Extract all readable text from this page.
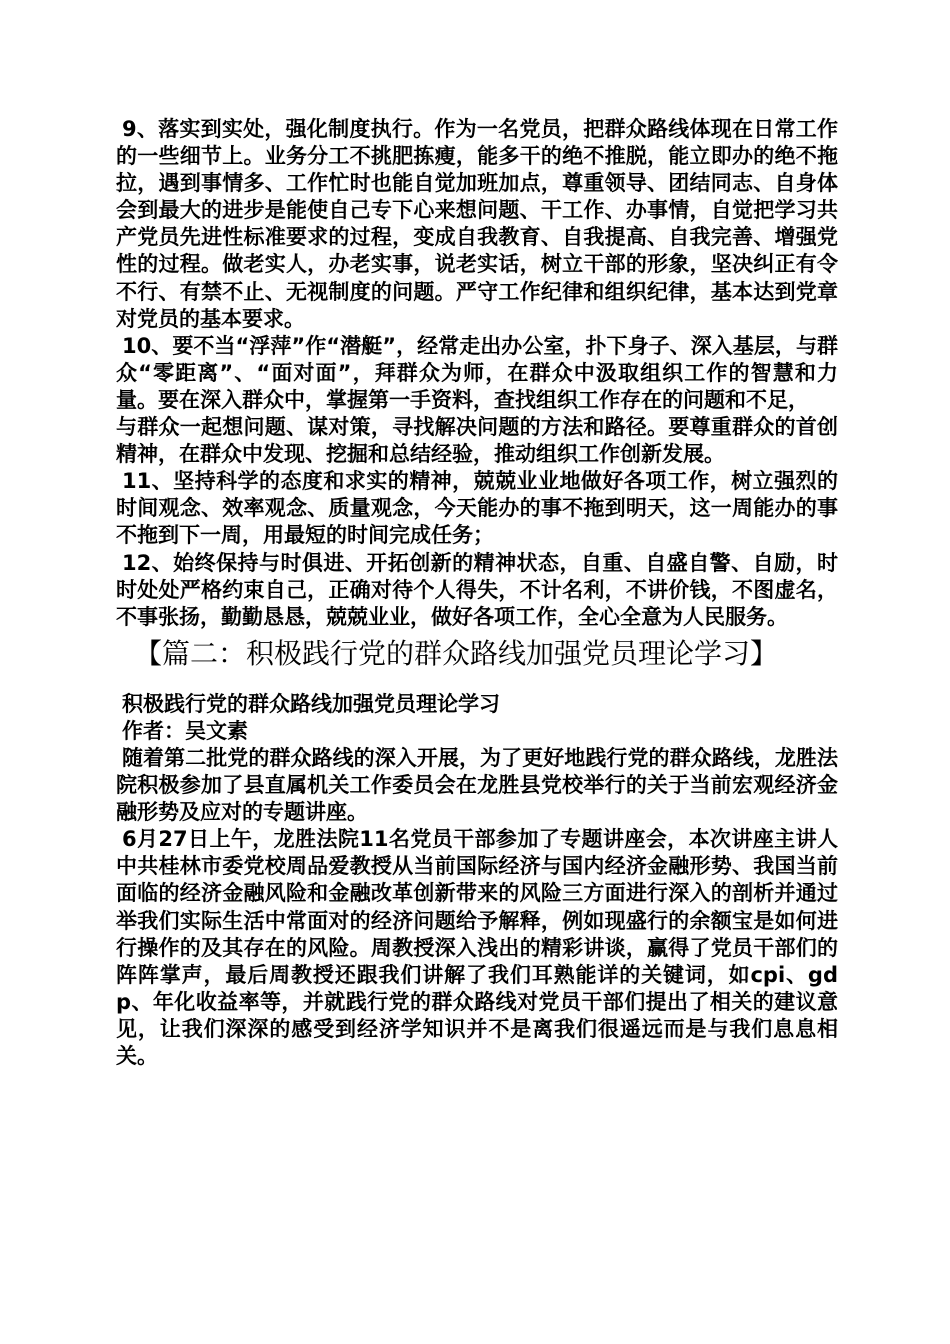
9、落实到实处，强化制度执行。作为一名党员，把群众路线体现在日常工作的一些细节上。业务分工不挑肥拣瘦，能多干的绝不推脱，能立即办的绝不拖拉，遇到事情多、工作忙时也能自觉加班加点，尊重领导、团结同志、自身体会到最大的进步是能使自己专下心来想问题、干工作、办事情，自觉把学习共产党员先进性标准要求的过程，变成自我教育、自我提高、自我完善、增强党性的过程。做老实人，办老实事，说老实话，树立干部的形象，坚决纠正有令不行、有禁不止、无视制度的问题。严守工作纪律和组织纪律，基本达到党章对党员的基本要求。

10、要不当“浮萍”作“潜艇”，经常走出办公室，扑下身子、深入基层，与群众“零距离”、“面对面”，拜群众为师，在群众中汲取组织工作的智慧和力量。要在深入群众中，掌握第一手资料，查找组织工作存在的问题和不足，

与群众一起想问题、谋对策，寻找解决问题的方法和路径。要尊重群众的首创精神，在群众中发现、挖掘和总结经验，推动组织工作创新发展。

11、坚持科学的态度和求实的精神，兢兢业业地做好各项工作，树立强烈的时间观念、效率观念、质量观念，今天能办的事不拖到明天，这一周能办的事不拖到下一周，用最短的时间完成任务；

12、始终保持与时俱进、开拓创新的精神状态，自重、自盛自警、自励，时时处处严格约束自己，正确对待个人得失，不计名利，不讲价钱，不图虚名，不事张扬，勤勤恳恳，兢兢业业，做好各项工作，全心全意为人民服务。

【篇二：积极践行党的群众路线加强党员理论学习】

积极践行党的群众路线加强党员理论学习

作者：吴文素

随着第二批党的群众路线的深入开展，为了更好地践行党的群众路线，龙胜法院积极参加了县直属机关工作委员会在龙胜县党校举行的关于当前宏观经济金融形势及应对的专题讲座。

6月27日上午，龙胜法院11名党员干部参加了专题讲座会，本次讲座主讲人中共桂林市委党校周品爱教授从当前国际经济与国内经济金融形势、我国当前面临的经济金融风险和金融改革创新带来的风险三方面进行深入的剖析并通过举我们实际生活中常面对的经济问题给予解释，例如现盛行的余额宝是如何进行操作的及其存在的风险。周教授深入浅出的精彩讲谈，赢得了党员干部们的阵阵掌声，最后周教授还跟我们讲解了我们耳熟能详的关键词，如cpi、gdp、年化收益率等，并就践行党的群众路线对党员干部们提出了相关的建议意见，让我们深深的感受到经济学知识并不是离我们很遥远而是与我们息息相关。
